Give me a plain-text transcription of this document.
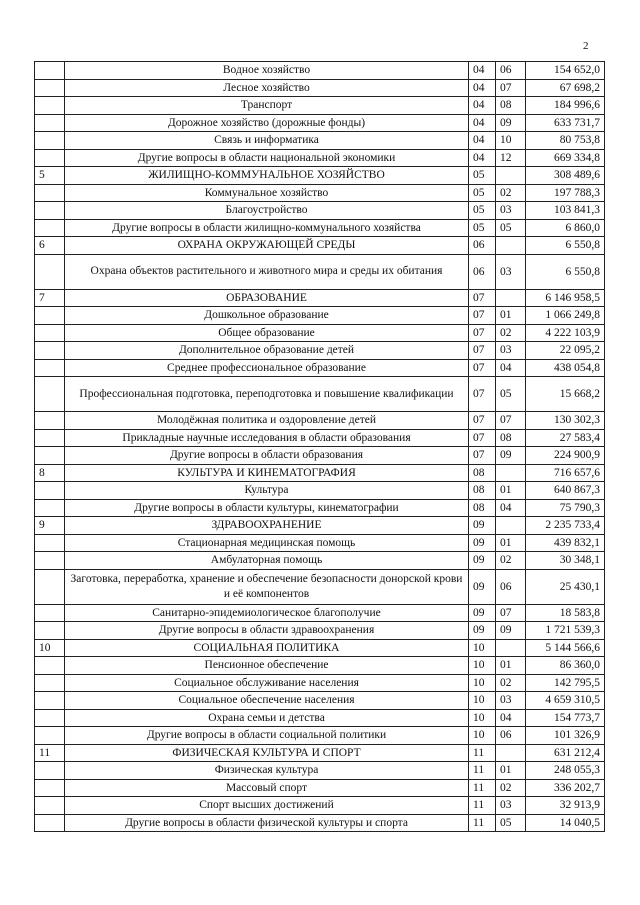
2
	Водное хозяйство	04	06	154 652,0
	Лесное хозяйство	04	07	67 698,2
	Транспорт	04	08	184 996,6
	Дорожное хозяйство (дорожные фонды)	04	09	633 731,7
	Связь и информатика	04	10	80 753,8
	Другие вопросы в области национальной экономики	04	12	669 334,8
5	ЖИЛИЩНО-КОММУНАЛЬНОЕ ХОЗЯЙСТВО	05		308 489,6
	Коммунальное хозяйство	05	02	197 788,3
	Благоустройство	05	03	103 841,3
	Другие вопросы в области жилищно-коммунального хозяйства	05	05	6 860,0
6	ОХРАНА ОКРУЖАЮЩЕЙ СРЕДЫ	06		6 550,8
	Охрана объектов растительного и животного мира и среды их обитания	06	03	6 550,8
7	ОБРАЗОВАНИЕ	07		6 146 958,5
	Дошкольное образование	07	01	1 066 249,8
	Общее образование	07	02	4 222 103,9
	Дополнительное образование детей	07	03	22 095,2
	Среднее профессиональное образование	07	04	438 054,8
	Профессиональная подготовка, переподготовка и повышение квалификации	07	05	15 668,2
	Молодёжная политика и оздоровление детей	07	07	130 302,3
	Прикладные научные исследования в области образования	07	08	27 583,4
	Другие вопросы в области образования	07	09	224 900,9
8	КУЛЬТУРА И КИНЕМАТОГРАФИЯ	08		716 657,6
	Культура	08	01	640 867,3
	Другие вопросы в области культуры, кинематографии	08	04	75 790,3
9	ЗДРАВООХРАНЕНИЕ	09		2 235 733,4
	Стационарная медицинская помощь	09	01	439 832,1
	Амбулаторная помощь	09	02	30 348,1
	Заготовка, переработка, хранение и обеспечение безопасности донорской крови и её компонентов	09	06	25 430,1
	Санитарно-эпидемиологическое благополучие	09	07	18 583,8
	Другие вопросы в области здравоохранения	09	09	1 721 539,3
10	СОЦИАЛЬНАЯ ПОЛИТИКА	10		5 144 566,6
	Пенсионное обеспечение	10	01	86 360,0
	Социальное обслуживание населения	10	02	142 795,5
	Социальное обеспечение населения	10	03	4 659 310,5
	Охрана семьи и детства	10	04	154 773,7
	Другие вопросы в области социальной политики	10	06	101 326,9
11	ФИЗИЧЕСКАЯ КУЛЬТУРА И СПОРТ	11		631 212,4
	Физическая культура	11	01	248 055,3
	Массовый спорт	11	02	336 202,7
	Спорт высших достижений	11	03	32 913,9
	Другие вопросы в области физической культуры и спорта	11	05	14 040,5
